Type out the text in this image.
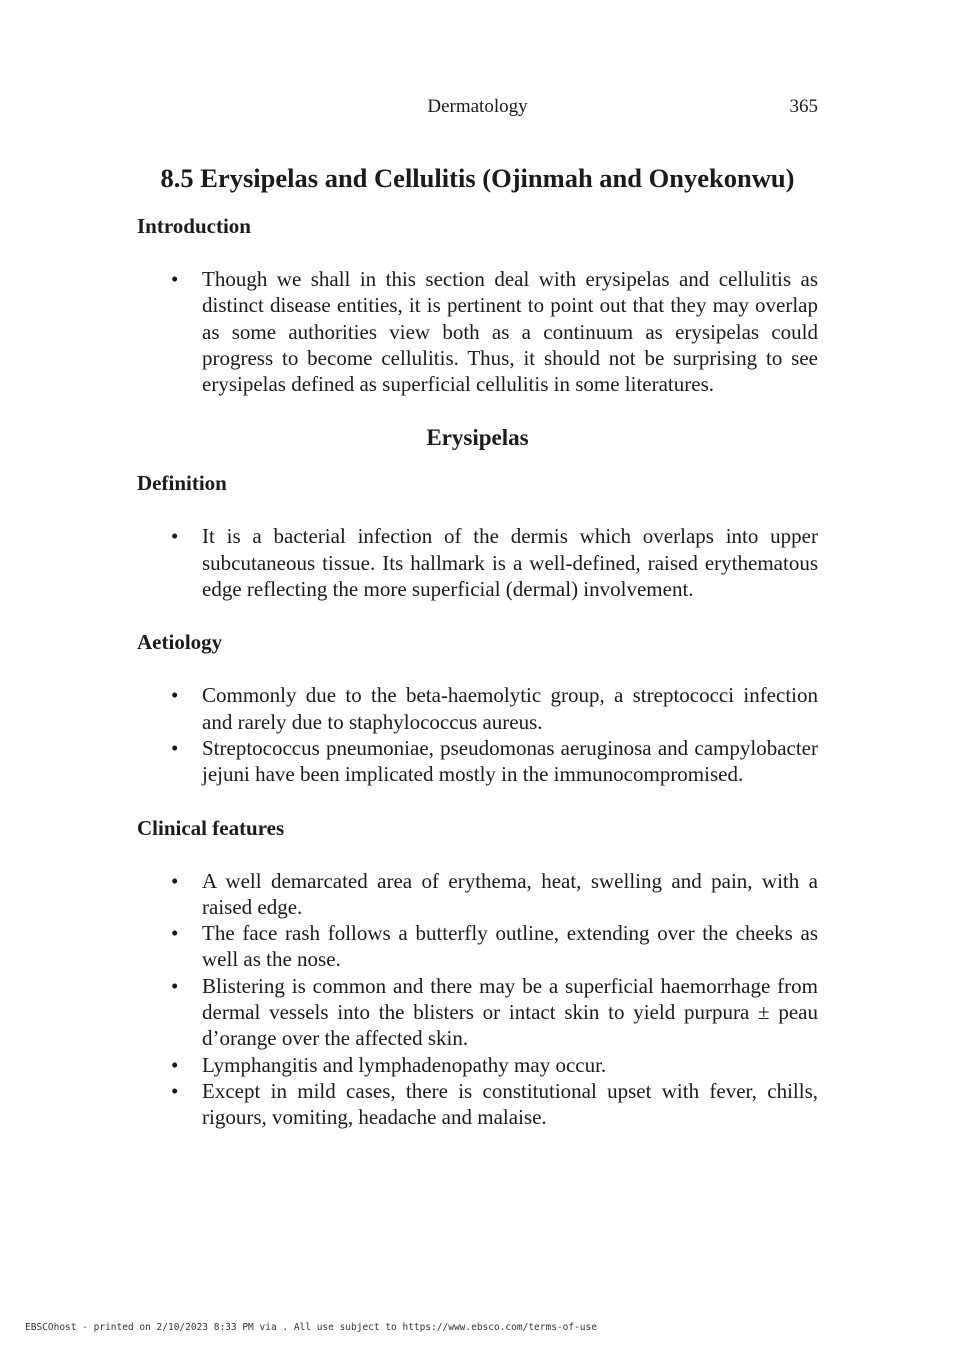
Dermatology	365
8.5 Erysipelas and Cellulitis (Ojinmah and Onyekonwu)
Introduction
• Though we shall in this section deal with erysipelas and cellulitis as distinct disease entities, it is pertinent to point out that they may overlap as some authorities view both as a continuum as erysipelas could progress to become cellulitis. Thus, it should not be surprising to see erysipelas defined as superficial cellulitis in some literatures.
Erysipelas
Definition
• It is a bacterial infection of the dermis which overlaps into upper subcutaneous tissue. Its hallmark is a well-defined, raised erythematous edge reflecting the more superficial (dermal) involvement.
Aetiology
• Commonly due to the beta-haemolytic group, a streptococci infection and rarely due to staphylococcus aureus.
• Streptococcus pneumoniae, pseudomonas aeruginosa and campylobacter jejuni have been implicated mostly in the immunocompromised.
Clinical features
• A well demarcated area of erythema, heat, swelling and pain, with a raised edge.
• The face rash follows a butterfly outline, extending over the cheeks as well as the nose.
• Blistering is common and there may be a superficial haemorrhage from dermal vessels into the blisters or intact skin to yield purpura ± peau d’orange over the affected skin.
• Lymphangitis and lymphadenopathy may occur.
• Except in mild cases, there is constitutional upset with fever, chills, rigours, vomiting, headache and malaise.
EBSCOhost - printed on 2/10/2023 8:33 PM via . All use subject to https://www.ebsco.com/terms-of-use
